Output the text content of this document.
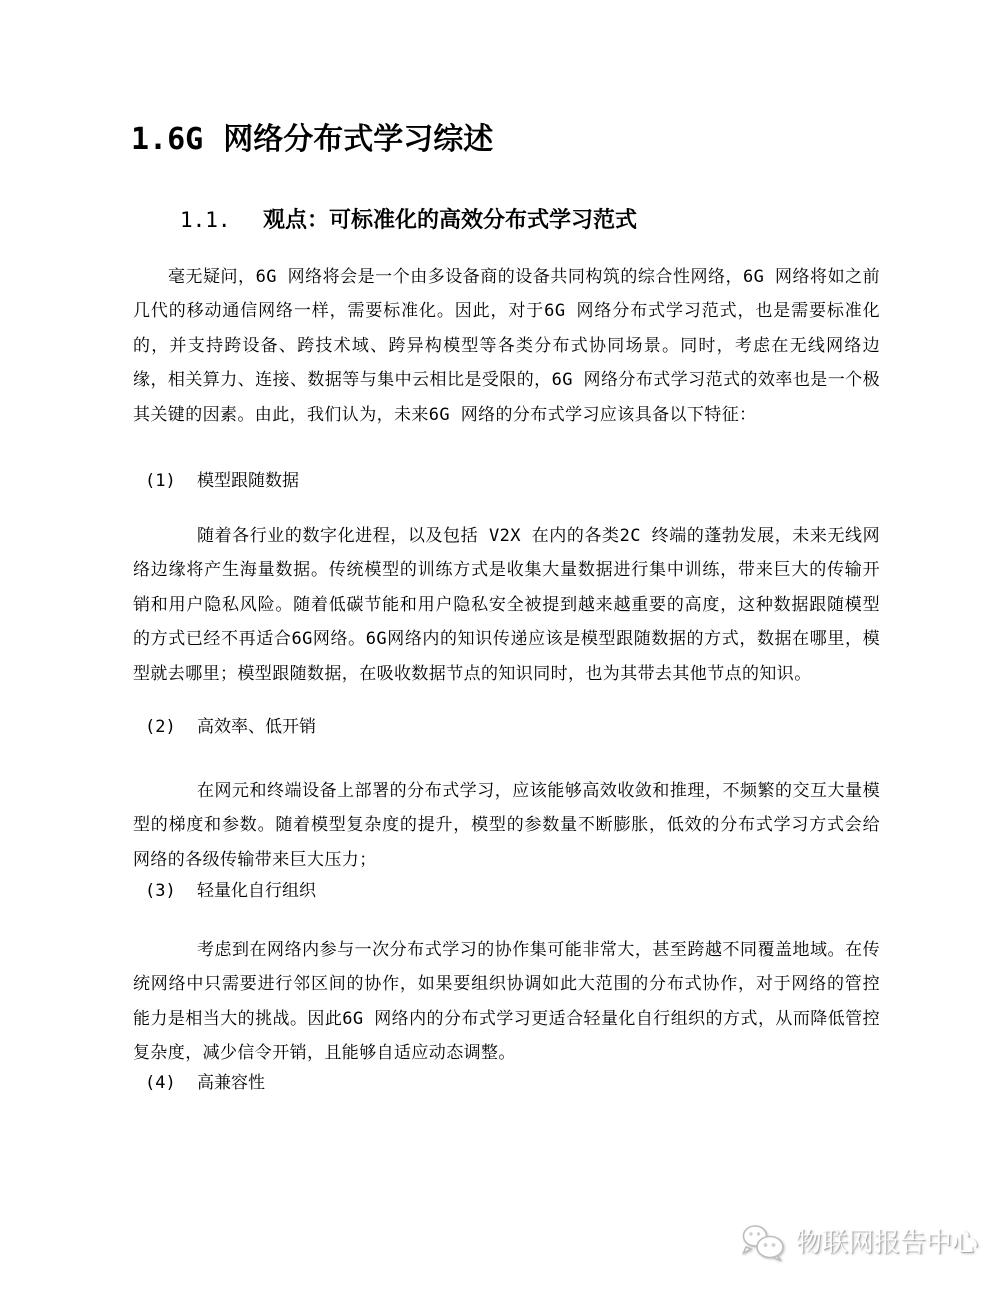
1.6G 网络分布式学习综述
1.1. 观点：可标准化的高效分布式学习范式

毫无疑问，6G 网络将会是一个由多设备商的设备共同构筑的综合性网络，6G 网络将如之前几代的移动通信网络一样，需要标准化。因此，对于6G 网络分布式学习范式，也是需要标准化的，并支持跨设备、跨技术域、跨异构模型等各类分布式协同场景。同时，考虑在无线网络边缘，相关算力、连接、数据等与集中云相比是受限的，6G 网络分布式学习范式的效率也是一个极其关键的因素。由此，我们认为，未来6G 网络的分布式学习应该具备以下特征：

(1) 模型跟随数据

随着各行业的数字化进程，以及包括 V2X 在内的各类2C 终端的蓬勃发展，未来无线网络边缘将产生海量数据。传统模型的训练方式是收集大量数据进行集中训练，带来巨大的传输开销和用户隐私风险。随着低碳节能和用户隐私安全被提到越来越重要的高度，这种数据跟随模型的方式已经不再适合6G网络。6G网络内的知识传递应该是模型跟随数据的方式，数据在哪里，模型就去哪里；模型跟随数据，在吸收数据节点的知识同时，也为其带去其他节点的知识。

(2) 高效率、低开销

在网元和终端设备上部署的分布式学习，应该能够高效收敛和推理，不频繁的交互大量模型的梯度和参数。随着模型复杂度的提升，模型的参数量不断膨胀，低效的分布式学习方式会给网络的各级传输带来巨大压力；

(3) 轻量化自行组织

考虑到在网络内参与一次分布式学习的协作集可能非常大，甚至跨越不同覆盖地域。在传统网络中只需要进行邻区间的协作，如果要组织协调如此大范围的分布式协作，对于网络的管控能力是相当大的挑战。因此6G 网络内的分布式学习更适合轻量化自行组织的方式，从而降低管控复杂度，减少信令开销，且能够自适应动态调整。

(4) 高兼容性
物联网报告中心
